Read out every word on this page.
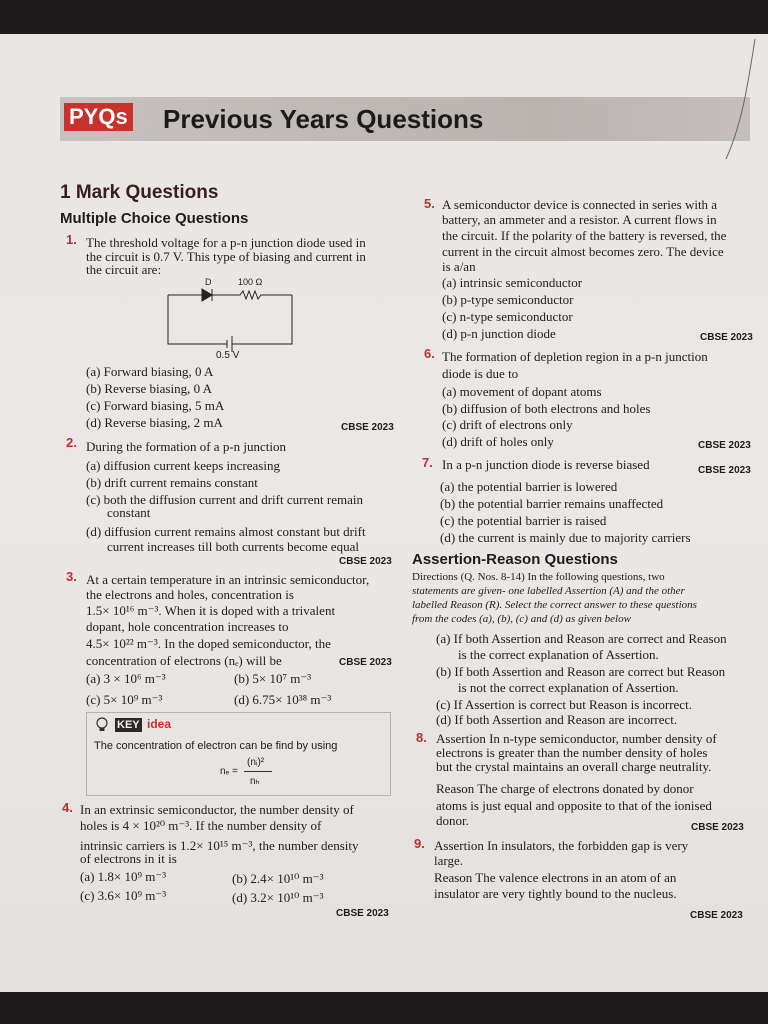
PYQs Previous Years Questions
1 Mark Questions
Multiple Choice Questions
1. The threshold voltage for a p-n junction diode used in
the circuit is 0.7 V. This type of biasing and current in
the circuit are:
D	100 Ω
0.5 V
(a) Forward biasing, 0 A
(b) Reverse biasing, 0 A
(c) Forward biasing, 5 mA
(d) Reverse biasing, 2 mA	CBSE 2023
2. During the formation of a p-n junction
(a) diffusion current keeps increasing
(b) drift current remains constant
(c) both the diffusion current and drift current remain
constant
(d) diffusion current remains almost constant but drift
current increases till both currents become equal
CBSE 2023
3. At a certain temperature in an intrinsic semiconductor,
the electrons and holes, concentration is
1.5× 10¹⁶ m⁻³. When it is doped with a trivalent
dopant, hole concentration increases to
4.5× 10²² m⁻³. In the doped semiconductor, the
concentration of electrons (nₑ) will be	CBSE 2023
(a) 3 × 10⁶ m⁻³	(b) 5× 10⁷ m⁻³
(c) 5× 10⁹ m⁻³	(d) 6.75× 10³⁸ m⁻³
KEY idea
The concentration of electron can be find by using
nₑ =
(nᵢ)²
nₕ
4. In an extrinsic semiconductor, the number density of
holes is 4 × 10²⁰ m⁻³. If the number density of
intrinsic carriers is 1.2× 10¹⁵ m⁻³, the number density
of electrons in it is
(a) 1.8× 10⁹ m⁻³	(b) 2.4× 10¹⁰ m⁻³
(c) 3.6× 10⁹ m⁻³	(d) 3.2× 10¹⁰ m⁻³
CBSE 2023
5. A semiconductor device is connected in series with a
battery, an ammeter and a resistor. A current flows in
the circuit. If the polarity of the battery is reversed, the
current in the circuit almost becomes zero. The device
is a/an
(a) intrinsic semiconductor
(b) p-type semiconductor
(c) n-type semiconductor
(d) p-n junction diode	CBSE 2023
6. The formation of depletion region in a p-n junction
diode is due to
(a) movement of dopant atoms
(b) diffusion of both electrons and holes
(c) drift of electrons only
(d) drift of holes only	CBSE 2023
7. In a p-n junction diode is reverse biased	CBSE 2023
(a) the potential barrier is lowered
(b) the potential barrier remains unaffected
(c) the potential barrier is raised
(d) the current is mainly due to majority carriers
Assertion-Reason Questions
Directions (Q. Nos. 8-14) In the following questions, two
statements are given- one labelled Assertion (A) and the other
labelled Reason (R). Select the correct answer to these questions
from the codes (a), (b), (c) and (d) as given below
(a) If both Assertion and Reason are correct and Reason
is the correct explanation of Assertion.
(b) If both Assertion and Reason are correct but Reason
is not the correct explanation of Assertion.
(c) If Assertion is correct but Reason is incorrect.
(d) If both Assertion and Reason are incorrect.
8. Assertion In n-type semiconductor, number density of
electrons is greater than the number density of holes
but the crystal maintains an overall charge neutrality.
Reason The charge of electrons donated by donor
atoms is just equal and opposite to that of the ionised
donor.	CBSE 2023
9. Assertion In insulators, the forbidden gap is very
large.
Reason The valence electrons in an atom of an
insulator are very tightly bound to the nucleus.
CBSE 2023
